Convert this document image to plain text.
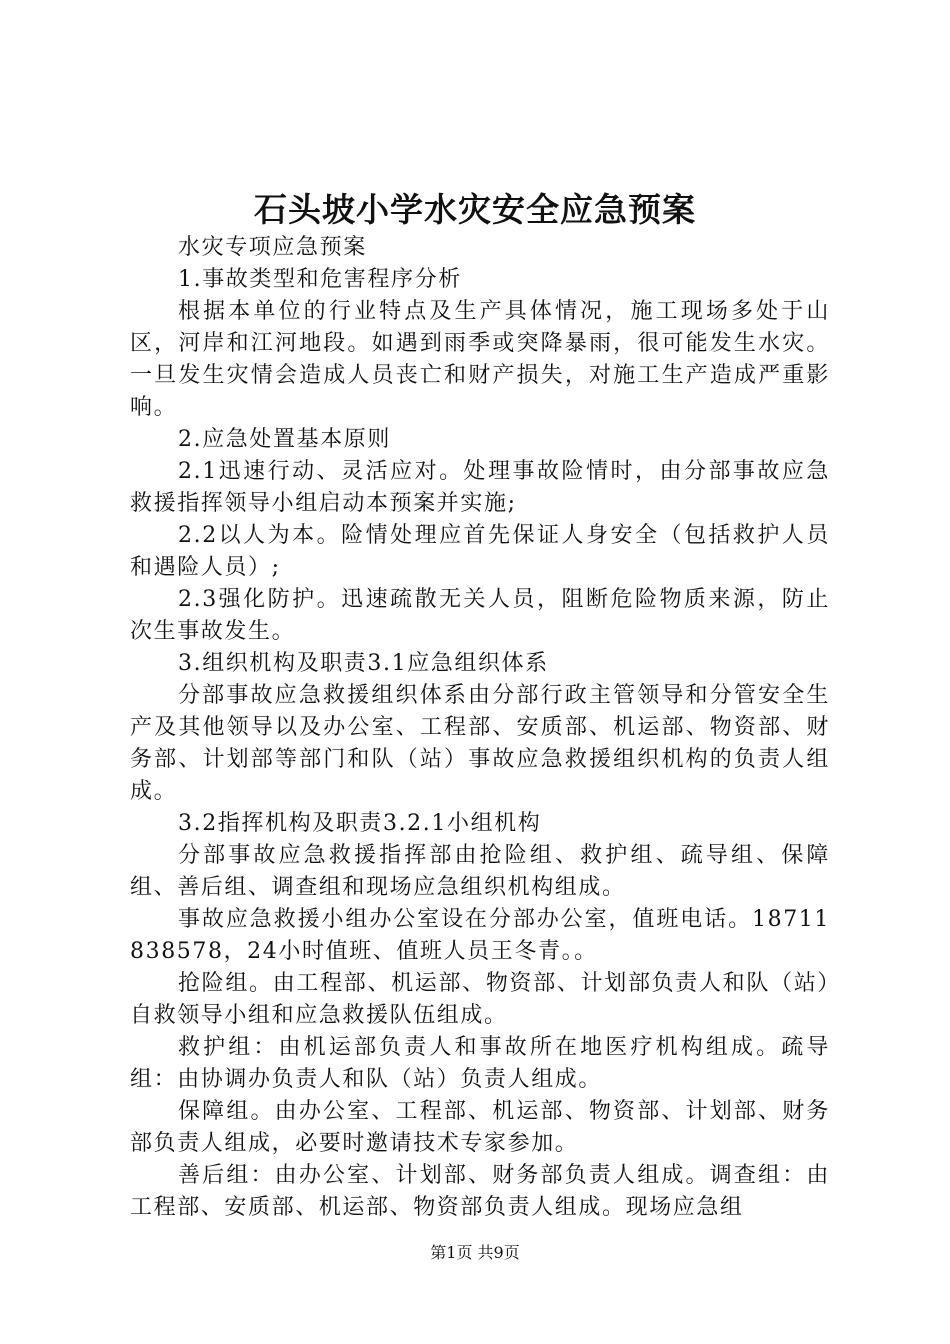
石头坡小学水灾安全应急预案

水灾专项应急预案

1.事故类型和危害程序分析

根据本单位的行业特点及生产具体情况，施工现场多处于山区，河岸和江河地段。如遇到雨季或突降暴雨，很可能发生水灾。一旦发生灾情会造成人员丧亡和财产损失，对施工生产造成严重影响。

2.应急处置基本原则

2.1迅速行动、灵活应对。处理事故险情时，由分部事故应急救援指挥领导小组启动本预案并实施;

2.2以人为本。险情处理应首先保证人身安全（包括救护人员和遇险人员）;

2.3强化防护。迅速疏散无关人员，阻断危险物质来源，防止次生事故发生。

3.组织机构及职责3.1应急组织体系

分部事故应急救援组织体系由分部行政主管领导和分管安全生产及其他领导以及办公室、工程部、安质部、机运部、物资部、财务部、计划部等部门和队（站）事故应急救援组织机构的负责人组成。

3.2指挥机构及职责3.2.1小组机构

分部事故应急救援指挥部由抢险组、救护组、疏导组、保障组、善后组、调查组和现场应急组织机构组成。

事故应急救援小组办公室设在分部办公室，值班电话。18711838578，24小时值班、值班人员王冬青。。

抢险组。由工程部、机运部、物资部、计划部负责人和队（站）自救领导小组和应急救援队伍组成。

救护组：由机运部负责人和事故所在地医疗机构组成。疏导组：由协调办负责人和队（站）负责人组成。

保障组。由办公室、工程部、机运部、物资部、计划部、财务部负责人组成，必要时邀请技术专家参加。

善后组：由办公室、计划部、财务部负责人组成。调查组：由工程部、安质部、机运部、物资部负责人组成。现场应急组

第1页 共9页
